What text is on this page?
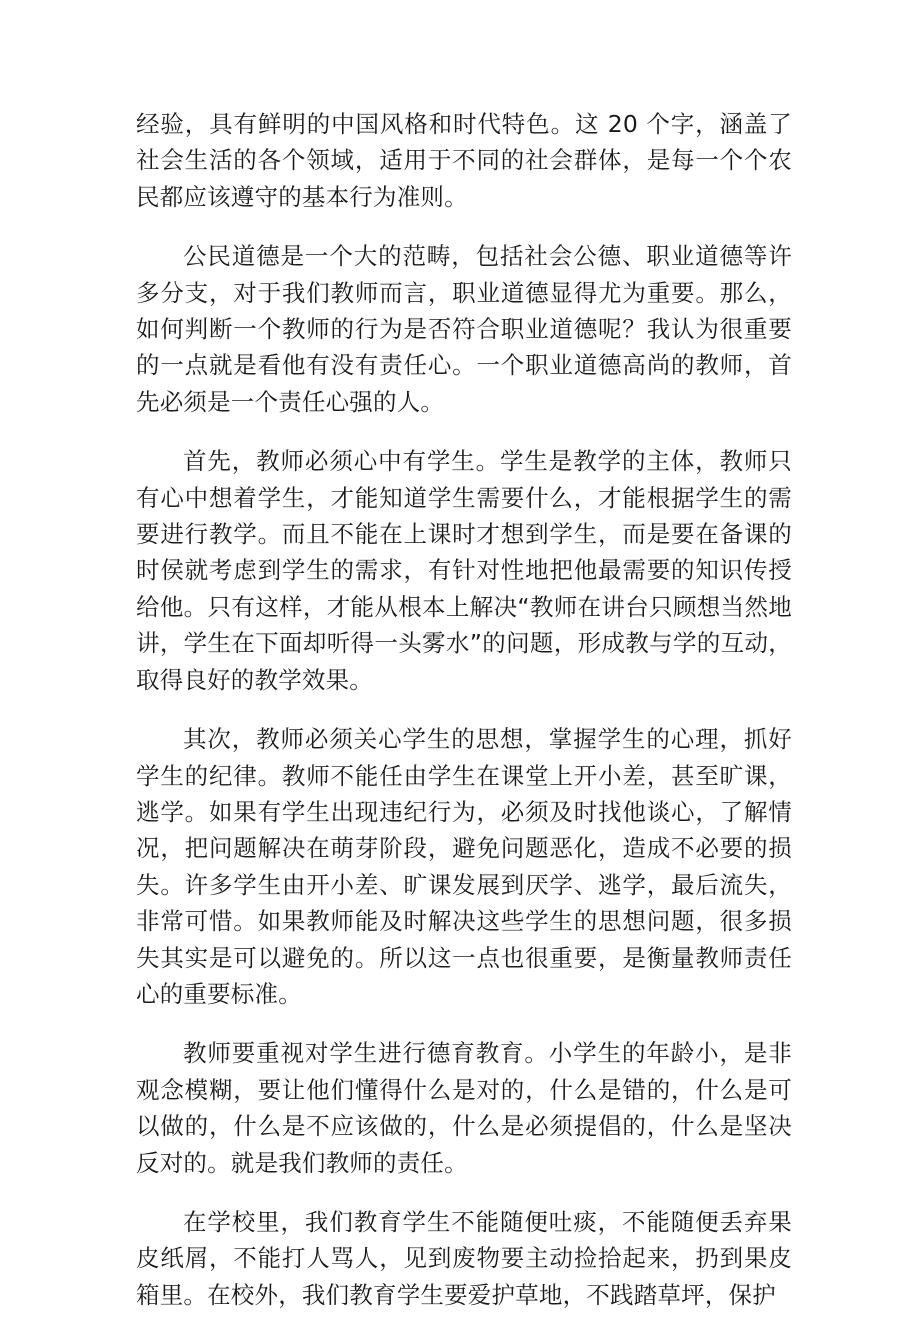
经验，具有鲜明的中国风格和时代特色。这 20 个字，涵盖了社会生活的各个领域，适用于不同的社会群体，是每一个个农民都应该遵守的基本行为准则。

公民道德是一个大的范畴，包括社会公德、职业道德等许多分支，对于我们教师而言，职业道德显得尤为重要。那么，如何判断一个教师的行为是否符合职业道德呢？我认为很重要的一点就是看他有没有责任心。一个职业道德高尚的教师，首先必须是一个责任心强的人。

首先，教师必须心中有学生。学生是教学的主体，教师只有心中想着学生，才能知道学生需要什么，才能根据学生的需要进行教学。而且不能在上课时才想到学生，而是要在备课的时侯就考虑到学生的需求，有针对性地把他最需要的知识传授给他。只有这样，才能从根本上解决“教师在讲台只顾想当然地讲，学生在下面却听得一头雾水”的问题，形成教与学的互动，取得良好的教学效果。

其次，教师必须关心学生的思想，掌握学生的心理，抓好学生的纪律。教师不能任由学生在课堂上开小差，甚至旷课，逃学。如果有学生出现违纪行为，必须及时找他谈心，了解情况，把问题解决在萌芽阶段，避免问题恶化，造成不必要的损失。许多学生由开小差、旷课发展到厌学、逃学，最后流失，非常可惜。如果教师能及时解决这些学生的思想问题，很多损失其实是可以避免的。所以这一点也很重要，是衡量教师责任心的重要标准。

教师要重视对学生进行德育教育。小学生的年龄小，是非观念模糊，要让他们懂得什么是对的，什么是错的，什么是可以做的，什么是不应该做的，什么是必须提倡的，什么是坚决反对的。就是我们教师的责任。

在学校里，我们教育学生不能随便吐痰，不能随便丢弃果皮纸屑，不能打人骂人，见到废物要主动捡拾起来，扔到果皮箱里。在校外，我们教育学生要爱护草地，不践踏草坪，保护
